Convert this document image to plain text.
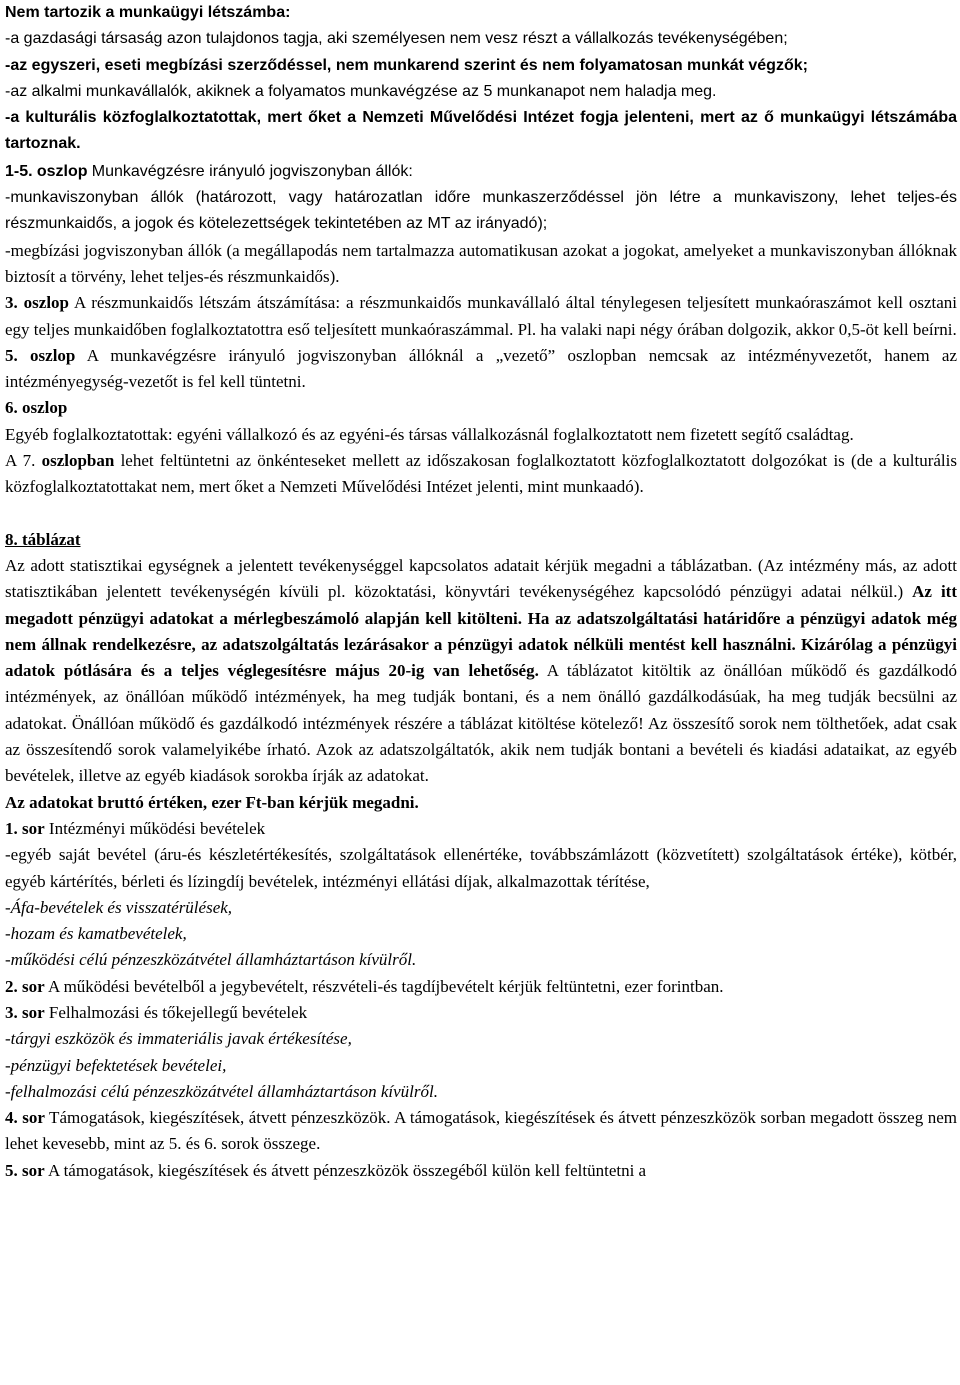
Nem tartozik a munkaügyi létszámba:

-a gazdasági társaság azon tulajdonos tagja, aki személyesen nem vesz részt a vállalkozás tevékenységében;

-az egyszeri, eseti megbízási szerződéssel, nem munkarend szerint és nem folyamatosan munkát végzők;

-az alkalmi munkavállalók, akiknek a folyamatos munkavégzése az 5 munkanapot nem haladja meg.

-a kulturális közfoglalkoztatottak, mert őket a Nemzeti Művelődési Intézet fogja jelenteni, mert az ő munkaügyi létszámába tartoznak.

1-5. oszlop Munkavégzésre irányuló jogviszonyban állók:

-munkaviszonyban állók (határozott, vagy határozatlan időre munkaszerződéssel jön létre a munkaviszony, lehet teljes-és részmunkaidős, a jogok és kötelezettségek tekintetében az MT az irányadó);

-megbízási jogviszonyban állók (a megállapodás nem tartalmazza automatikusan azokat a jogokat, amelyeket a munkaviszonyban állóknak biztosít a törvény, lehet teljes-és részmunkaidős).

3. oszlop A részmunkaidős létszám átszámítása: a részmunkaidős munkavállaló által ténylegesen teljesített munkaóraszámot kell osztani egy teljes munkaidőben foglalkoztatottra eső teljesített munkaóraszámmal. Pl. ha valaki napi négy órában dolgozik, akkor 0,5-öt kell beírni.

5. oszlop A munkavégzésre irányuló jogviszonyban állóknál a „vezető” oszlopban nemcsak az intézményvezetőt, hanem az intézményegység-vezetőt is fel kell tüntetni.

6. oszlop

Egyéb foglalkoztatottak: egyéni vállalkozó és az egyéni-és társas vállalkozásnál foglalkoztatott nem fizetett segítő családtag.

A 7. oszlopban lehet feltüntetni az önkénteseket mellett az időszakosan foglalkoztatott közfoglalkoztatott dolgozókat is (de a kulturális közfoglalkoztatottakat nem, mert őket a Nemzeti Művelődési Intézet jelenti, mint munkaadó).

8. táblázat

Az adott statisztikai egységnek a jelentett tevékenységgel kapcsolatos adatait kérjük megadni a táblázatban. (Az intézmény más, az adott statisztikában jelentett tevékenységén kívüli pl. közoktatási, könyvtári tevékenységéhez kapcsolódó pénzügyi adatai nélkül.) Az itt megadott pénzügyi adatokat a mérlegbeszámoló alapján kell kitölteni. Ha az adatszolgáltatási határidőre a pénzügyi adatok még nem állnak rendelkezésre, az adatszolgáltatás lezárásakor a pénzügyi adatok nélküli mentést kell használni. Kizárólag a pénzügyi adatok pótlására és a teljes véglegesítésre május 20-ig van lehetőség. A táblázatot kitöltik az önállóan működő és gazdálkodó intézmények, az önállóan működő intézmények, ha meg tudják bontani, és a nem önálló gazdálkodásúak, ha meg tudják becsülni az adatokat. Önállóan működő és gazdálkodó intézmények részére a táblázat kitöltése kötelező! Az összesítő sorok nem tölthetőek, adat csak az összesítendő sorok valamelyikébe írható. Azok az adatszolgáltatók, akik nem tudják bontani a bevételi és kiadási adataikat, az egyéb bevételek, illetve az egyéb kiadások sorokba írják az adatokat.

Az adatokat bruttó értéken, ezer Ft-ban kérjük megadni.

1. sor Intézményi működési bevételek

-egyéb saját bevétel (áru-és készletértékesítés, szolgáltatások ellenértéke, továbbszámlázott (közvetített) szolgáltatások értéke), kötbér, egyéb kártérítés, bérleti és lízingdíj bevételek, intézményi ellátási díjak, alkalmazottak térítése,

-Áfa-bevételek és visszatérülések,

-hozam és kamatbevételek,

-működési célú pénzeszközátvétel államháztartáson kívülről.

2. sor A működési bevételből a jegybevételt, részvételi-és tagdíjbevételt kérjük feltüntetni, ezer forintban.

3. sor Felhalmozási és tőkejellegű bevételek

-tárgyi eszközök és immateriális javak értékesítése,

-pénzügyi befektetések bevételei,

-felhalmozási célú pénzeszközátvétel államháztartáson kívülről.

4. sor Támogatások, kiegészítések, átvett pénzeszközök. A támogatások, kiegészítések és átvett pénzeszközök sorban megadott összeg nem lehet kevesebb, mint az 5. és 6. sorok összege.

5. sor A támogatások, kiegészítések és átvett pénzeszközök összegéből külön kell feltüntetni a
